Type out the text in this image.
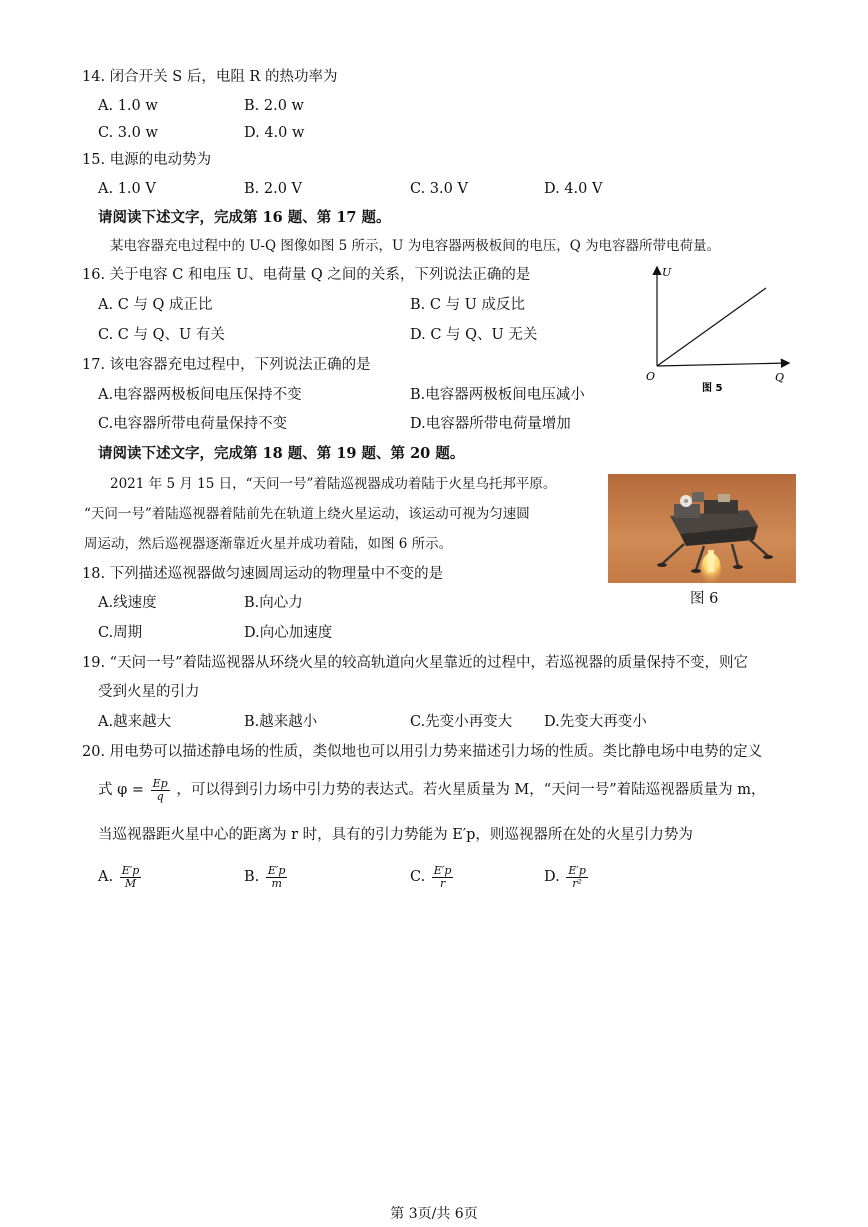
14. 闭合开关 S 后，电阻 R 的热功率为
A. 1.0 w	B. 2.0 w
C. 3.0 w	D. 4.0 w
15. 电源的电动势为
A. 1.0 V	B. 2.0 V	C. 3.0 V	D. 4.0 V
请阅读下述文字，完成第 16 题、第 17 题。
某电容器充电过程中的 U-Q 图像如图 5 所示，U 为电容器两极板间的电压，Q 为电容器所带电荷量。
16. 关于电容 C 和电压 U、电荷量 Q 之间的关系，下列说法正确的是
A. C 与 Q 成正比	B. C 与 U 成反比
C. C 与 Q、U 有关	D. C 与 Q、U 无关
17. 该电容器充电过程中，下列说法正确的是
A.电容器两极板间电压保持不变	B.电容器两极板间电压减小
C.电容器所带电荷量保持不变	D.电容器所带电荷量增加
U
Q
O
图 5
请阅读下述文字，完成第 18 题、第 19 题、第 20 题。
2021 年 5 月 15 日，“天问一号”着陆巡视器成功着陆于火星乌托邦平原。
“天问一号”着陆巡视器着陆前先在轨道上绕火星运动，该运动可视为匀速圆
周运动，然后巡视器逐渐靠近火星并成功着陆，如图 6 所示。
图 6
18. 下列描述巡视器做匀速圆周运动的物理量中不变的是
A.线速度	B.向心力
C.周期	D.向心加速度
19. “天问一号”着陆巡视器从环绕火星的较高轨道向火星靠近的过程中，若巡视器的质量保持不变，则它
受到火星的引力
A.越来越大	B.越来越小	C.先变小再变大 D.先变大再变小
20. 用电势可以描述静电场的性质，类似地也可以用引力势来描述引力场的性质。类比静电场中电势的定义
式 $\varphi = \frac{Ep}{q}$ ，可以得到引力场中引力势的表达式。若火星质量为 M，“天问一号”着陆巡视器质量为 m，
当巡视器距火星中心的距离为 r 时，具有的引力势能为 E′p，则巡视器所在处的火星引力势为
A. $\frac{E'p}{M}$	B. $\frac{E'p}{m}$	C. $\frac{E'p}{r}$	D. $\frac{E'p}{\text{r²}}$
第 3页/共 6页
